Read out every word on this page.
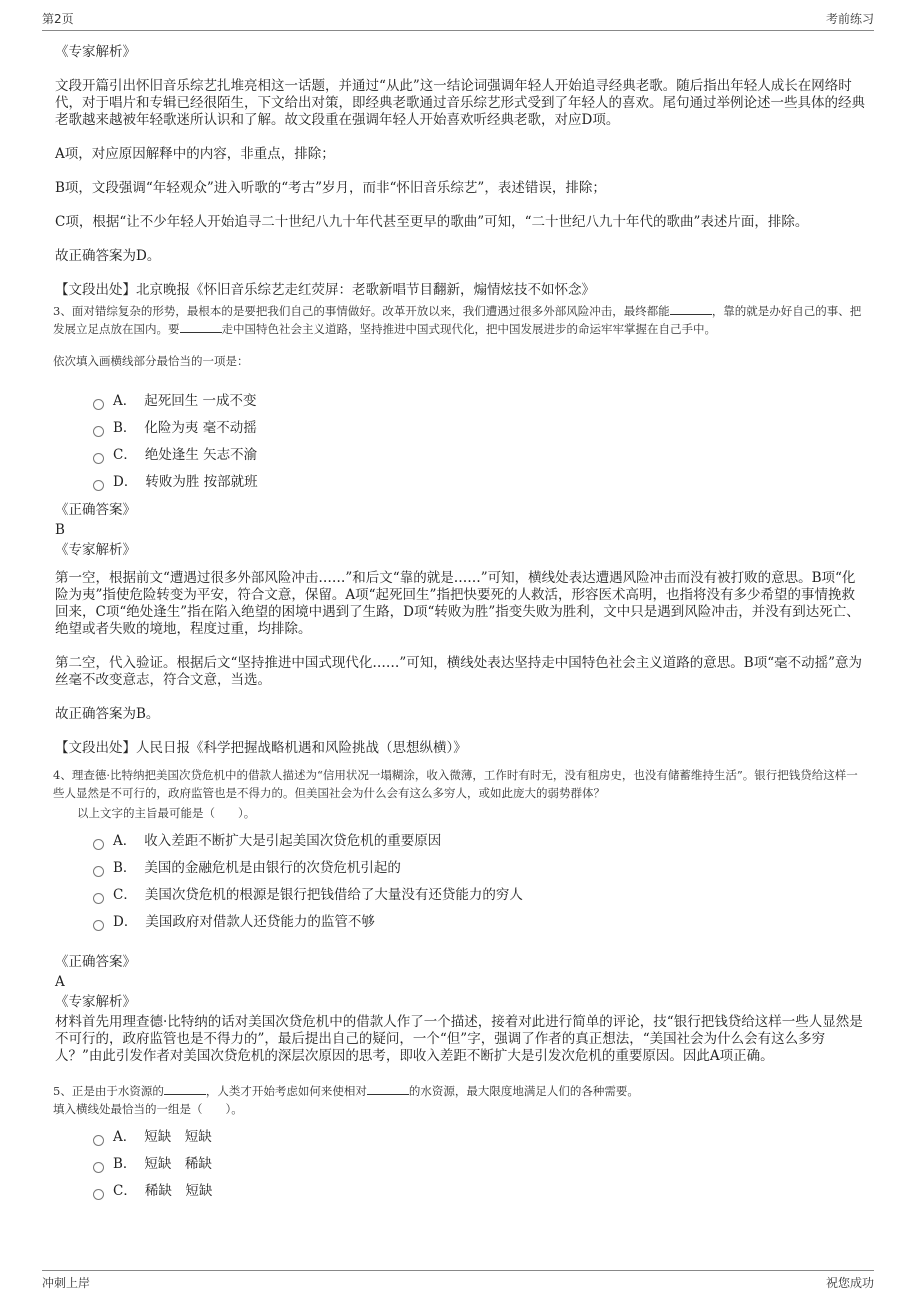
第2页	考前练习
《专家解析》
文段开篇引出怀旧音乐综艺扎堆亮相这一话题，并通过“从此”这一结论词强调年轻人开始追寻经典老歌。随后指出年轻人成长在网络时代，对于唱片和专辑已经很陌生，下文给出对策，即经典老歌通过音乐综艺形式受到了年轻人的喜欢。尾句通过举例论述一些具体的经典老歌越来越被年轻歌迷所认识和了解。故文段重在强调年轻人开始喜欢听经典老歌，对应D项。
A项，对应原因解释中的内容，非重点，排除；
B项，文段强调“年轻观众”进入听歌的“考古”岁月，而非“怀旧音乐综艺”，表述错误，排除；
C项，根据“让不少年轻人开始追寻二十世纪八九十年代甚至更早的歌曲”可知，“二十世纪八九十年代的歌曲”表述片面，排除。
故正确答案为D。
【文段出处】北京晚报《怀旧音乐综艺走红荧屏：老歌新唱节目翻新，煽情炫技不如怀念》
3、面对错综复杂的形势，最根本的是要把我们自己的事情做好。改革开放以来，我们遭遇过很多外部风险冲击，最终都能	，靠的就是办好自己的事、把发展立足点放在国内。要	走中国特色社会主义道路，坚持推进中国式现代化，把中国发展进步的命运牢牢掌握在自己手中。
依次填入画横线部分最恰当的一项是：
A． 起死回生 一成不变
B． 化险为夷 毫不动摇
C． 绝处逢生 矢志不渝
D． 转败为胜 按部就班
《正确答案》
B
《专家解析》
第一空，根据前文“遭遇过很多外部风险冲击……”和后文“靠的就是……”可知，横线处表达遭遇风险冲击而没有被打败的意思。B项“化险为夷”指使危险转变为平安，符合文意，保留。A项“起死回生”指把快要死的人救活，形容医术高明，也指将没有多少希望的事情挽救回来，C项“绝处逢生”指在陷入绝望的困境中遇到了生路，D项“转败为胜”指变失败为胜利，文中只是遇到风险冲击，并没有到达死亡、绝望或者失败的境地，程度过重，均排除。
第二空，代入验证。根据后文“坚持推进中国式现代化……”可知，横线处表达坚持走中国特色社会主义道路的意思。B项“毫不动摇”意为丝毫不改变意志，符合文意，当选。
故正确答案为B。
【文段出处】人民日报《科学把握战略机遇和风险挑战（思想纵横）》
4、理查德·比特纳把美国次贷危机中的借款人描述为“信用状况一塌糊涂，收入微薄，工作时有时无，没有租房史，也没有储蓄维持生活”。银行把钱贷给这样一些人显然是不可行的，政府监管也是不得力的。但美国社会为什么会有这么多穷人，或如此庞大的弱势群体？
以上文字的主旨最可能是（　　）。
A． 收入差距不断扩大是引起美国次贷危机的重要原因
B． 美国的金融危机是由银行的次贷危机引起的
C． 美国次贷危机的根源是银行把钱借给了大量没有还贷能力的穷人
D． 美国政府对借款人还贷能力的监管不够
《正确答案》
A
《专家解析》
材料首先用理查德·比特纳的话对美国次贷危机中的借款人作了一个描述，接着对此进行简单的评论，技“银行把钱贷给这样一些人显然是不可行的，政府监管也是不得力的”，最后提出自己的疑问，一个“但”字，强调了作者的真正想法，“美国社会为什么会有这么多穷人？”由此引发作者对美国次贷危机的深层次原因的思考，即收入差距不断扩大是引发次危机的重要原因。因此A项正确。
5、正是由于水资源的	，人类才开始考虑如何来使相对	的水资源，最大限度地满足人们的各种需要。
填入横线处最恰当的一组是（　　）。
A． 短缺　短缺
B． 短缺　稀缺
C． 稀缺　短缺
冲刺上岸	祝您成功
